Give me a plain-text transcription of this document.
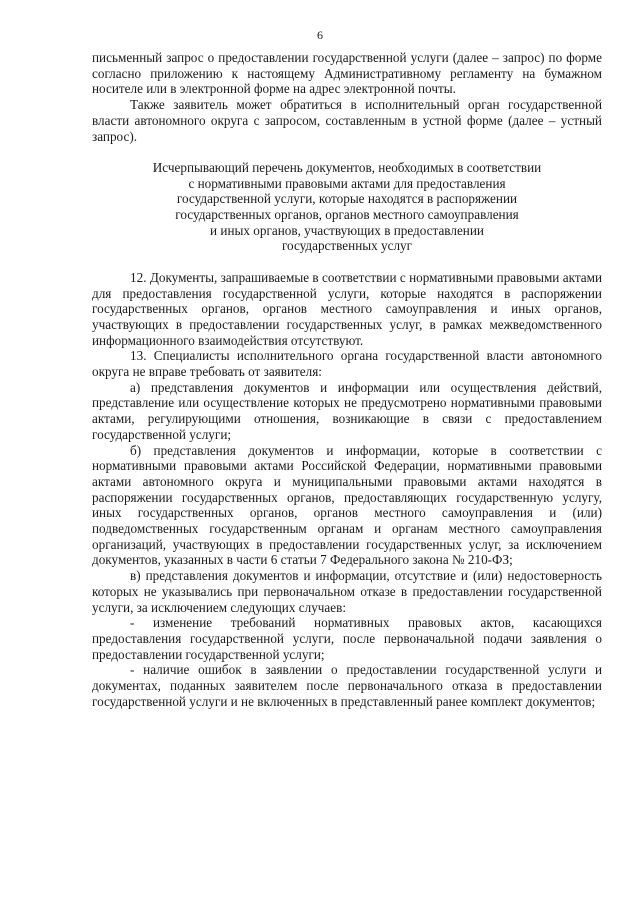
6

письменный запрос о предоставлении государственной услуги (далее – запрос) по форме согласно приложению к настоящему Административному регламенту на бумажном носителе или в электронной форме на адрес электронной почты.

Также заявитель может обратиться в исполнительный орган государственной власти автономного округа с запросом, составленным в устной форме (далее – устный запрос).

Исчерпывающий перечень документов, необходимых в соответствии
с нормативными правовыми актами для предоставления
государственной услуги, которые находятся в распоряжении
государственных органов, органов местного самоуправления
и иных органов, участвующих в предоставлении
государственных услуг

12. Документы, запрашиваемые в соответствии с нормативными правовыми актами для предоставления государственной услуги, которые находятся в распоряжении государственных органов, органов местного самоуправления и иных органов, участвующих в предоставлении государственных услуг, в рамках межведомственного информационного взаимодействия отсутствуют.

13. Специалисты исполнительного органа государственной власти автономного округа не вправе требовать от заявителя:

а) представления документов и информации или осуществления действий, представление или осуществление которых не предусмотрено нормативными правовыми актами, регулирующими отношения, возникающие в связи с предоставлением государственной услуги;

б) представления документов и информации, которые в соответствии с нормативными правовыми актами Российской Федерации, нормативными правовыми актами автономного округа и муниципальными правовыми актами находятся в распоряжении государственных органов, предоставляющих государственную услугу, иных государственных органов, органов местного самоуправления и (или) подведомственных государственным органам и органам местного самоуправления организаций, участвующих в предоставлении государственных услуг, за исключением документов, указанных в части 6 статьи 7 Федерального закона № 210-ФЗ;

в) представления документов и информации, отсутствие и (или) недостоверность которых не указывались при первоначальном отказе в предоставлении государственной услуги, за исключением следующих случаев:

- изменение требований нормативных правовых актов, касающихся предоставления государственной услуги, после первоначальной подачи заявления о предоставлении государственной услуги;

- наличие ошибок в заявлении о предоставлении государственной услуги и документах, поданных заявителем после первоначального отказа в предоставлении государственной услуги и не включенных в представленный ранее комплект документов;
